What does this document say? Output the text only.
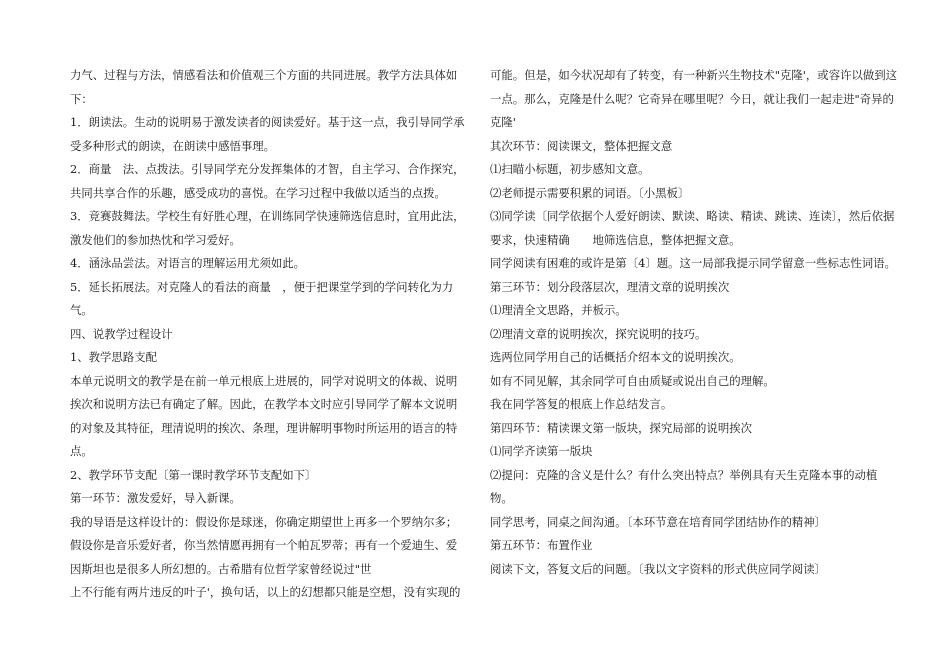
力气、过程与方法，情感看法和价值观三个方面的共同进展。教学方法具体如下：

1．朗读法。生动的说明易于激发读者的阅读爱好。基于这一点，我引导同学承受多种形式的朗读，在朗读中感悟事理。

2．商量　法、点拨法。引导同学充分发挥集体的才智，自主学习、合作探究，共同共享合作的乐趣，感受成功的喜悦。在学习过程中我做以适当的点拨。

3．竞赛鼓舞法。学校生有好胜心理，在训练同学快速筛选信息时，宜用此法，激发他们的参加热忱和学习爱好。

4．涵泳品尝法。对语言的理解运用尤须如此。

5．延长拓展法。对克隆人的看法的商量　，便于把课堂学到的学问转化为力气。

四、说教学过程设计

1、教学思路支配

本单元说明文的教学是在前一单元根底上进展的，同学对说明文的体裁、说明挨次和说明方法已有确定了解。因此，在教学本文时应引导同学了解本文说明的对象及其特征，理清说明的挨次、条理，理讲解明事物时所运用的语言的特点。

2、教学环节支配〔第一课时教学环节支配如下〕

第一环节：激发爱好，导入新课。

我的导语是这样设计的：假设你是球迷，你确定期望世上再多一个罗纳尔多；假设你是音乐爱好者，你当然情愿再拥有一个帕瓦罗蒂；再有一个爱迪生、爱因斯坦也是很多人所幻想的。古希腊有位哲学家曾经说过"世

上不行能有两片违反的叶子'，换句话，以上的幻想都只能是空想，没有实现的

可能。但是，如今状况却有了转变，有一种新兴生物技术"克隆'，或容许以做到这一点。那么，克隆是什么呢？它奇异在哪里呢？今日，就让我们一起走进"奇异的克隆'

其次环节：阅读课文，整体把握文意

⑴扫瞄小标题，初步感知文意。

⑵老师提示需要积累的词语。〔小黑板〕

⑶同学读〔同学依据个人爱好朗读、默读、略读、精读、跳读、连读〕，然后依据要求，快速精确　　地筛选信息，整体把握文意。

同学阅读有困难的或许是第〔4〕题。这一局部我提示同学留意一些标志性词语。

第三环节：划分段落层次，理清文章的说明挨次

⑴理清全文思路，并板示。

⑵理清文章的说明挨次，探究说明的技巧。

选两位同学用自己的话概括介绍本文的说明挨次。

如有不同见解，其余同学可自由质疑或说出自己的理解。

我在同学答复的根底上作总结发言。

第四环节：精读课文第一版块，探究局部的说明挨次

⑴同学齐读第一版块

⑵提问：克隆的含义是什么？有什么突出特点？举例具有天生克隆本事的动植物。

同学思考，同桌之间沟通。〔本环节意在培育同学团结协作的精神〕

第五环节：布置作业

阅读下文，答复文后的问题。〔我以文字资料的形式供应同学阅读〕
